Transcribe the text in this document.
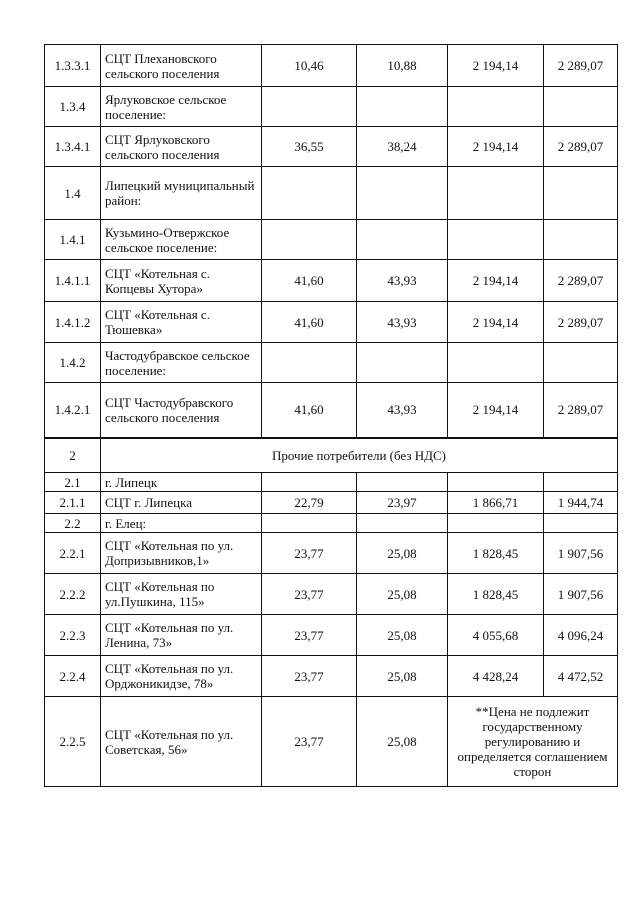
1.3.3.1	СЦТ Плехановского сельского поселения	10,46	10,88	2 194,14	2 289,07
1.3.4	Ярлуковское сельское поселение:				
1.3.4.1	СЦТ Ярлуковского сельского поселения	36,55	38,24	2 194,14	2 289,07
1.4	Липецкий муниципальный район:				
1.4.1	Кузьмино-Отвержское сельское поселение:				
1.4.1.1	СЦТ «Котельная с. Копцевы Хутора»	41,60	43,93	2 194,14	2 289,07
1.4.1.2	СЦТ «Котельная с. Тюшевка»	41,60	43,93	2 194,14	2 289,07
1.4.2	Частодубравское сельское поселение:				
1.4.2.1	СЦТ Частодубравского сельского поселения	41,60	43,93	2 194,14	2 289,07
2	Прочие потребители (без НДС)				
2.1	г. Липецк				
2.1.1	СЦТ г. Липецка	22,79	23,97	1 866,71	1 944,74
2.2	г. Елец:				
2.2.1	СЦТ «Котельная по ул. Допризывников,1»	23,77	25,08	1 828,45	1 907,56
2.2.2	СЦТ «Котельная по ул.Пушкина, 115»	23,77	25,08	1 828,45	1 907,56
2.2.3	СЦТ «Котельная по ул. Ленина, 73»	23,77	25,08	4 055,68	4 096,24
2.2.4	СЦТ «Котельная по ул. Орджоникидзе, 78»	23,77	25,08	4 428,24	4 472,52
2.2.5	СЦТ «Котельная по ул. Советская, 56»	23,77	25,08	**Цена не подлежит государственному регулированию и определяется соглашением сторон	
